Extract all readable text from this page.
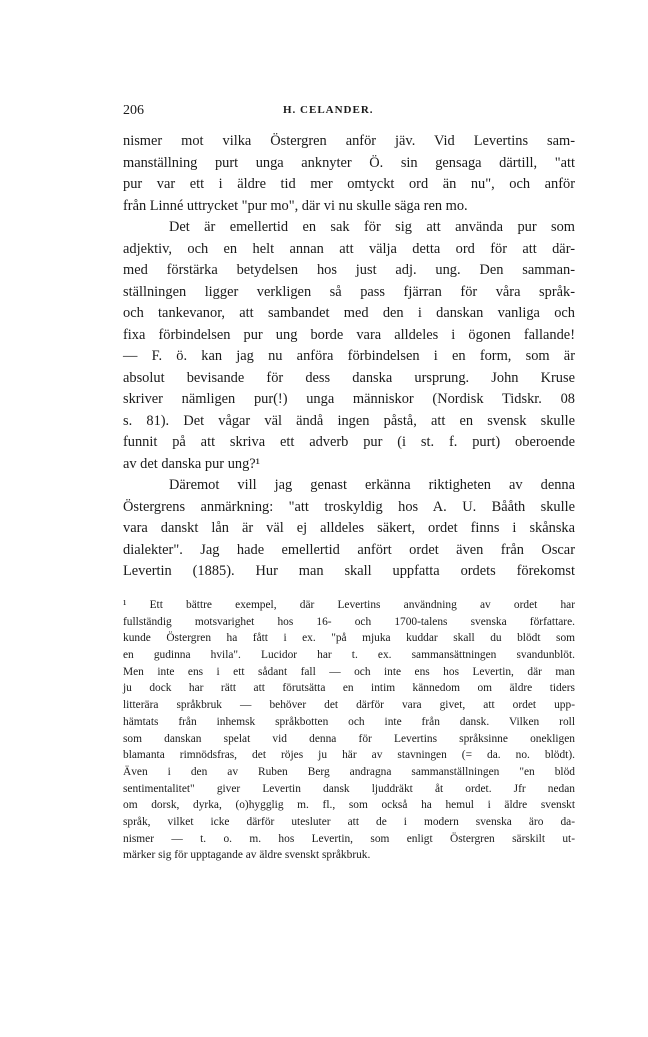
206	H. CELANDER.
nismer mot vilka Östergren anför jäv. Vid Levertins sam-
manställning purt unga anknyter Ö. sin gensaga därtill, "att
pur var ett i äldre tid mer omtyckt ord än nu", och anför
från Linné uttrycket "pur mo", där vi nu skulle säga ren mo.
Det är emellertid en sak för sig att använda pur som
adjektiv, och en helt annan att välja detta ord för att där-
med förstärka betydelsen hos just adj. ung. Den samman-
ställningen ligger verkligen så pass fjärran för våra språk-
och tankevanor, att sambandet med den i danskan vanliga och
fixa förbindelsen pur ung borde vara alldeles i ögonen fallande!
— F. ö. kan jag nu anföra förbindelsen i en form, som är
absolut bevisande för dess danska ursprung. John Kruse
skriver nämligen pur(!) unga människor (Nordisk Tidskr. 08
s. 81). Det vågar väl ändå ingen påstå, att en svensk skulle
funnit på att skriva ett adverb pur (i st. f. purt) oberoende
av det danska pur ung?¹
Däremot vill jag genast erkänna riktigheten av denna
Östergrens anmärkning: "att troskyldig hos A. U. Bååth skulle
vara danskt lån är väl ej alldeles säkert, ordet finns i skånska
dialekter". Jag hade emellertid anfört ordet även från Oscar
Levertin (1885). Hur man skall uppfatta ordets förekomst
¹ Ett bättre exempel, där Levertins användning av ordet har
fullständig motsvarighet hos 16- och 1700-talens svenska författare.
kunde Östergren ha fått i ex. "på mjuka kuddar skall du blödt som
en gudinna hvila". Lucidor har t. ex. sammansättningen svandunblöt.
Men inte ens i ett sådant fall — och inte ens hos Levertin, där man
ju dock har rätt att förutsätta en intim kännedom om äldre tiders
litterära språkbruk — behöver det därför vara givet, att ordet upp-
hämtats från inhemsk språkbotten och inte från dansk. Vilken roll
som danskan spelat vid denna för Levertins språksinne onekligen
blamanta rimnödsfras, det röjes ju här av stavningen (= da. no. blödt).
Även i den av Ruben Berg andragna sammanställningen "en blöd
sentimentalitet" giver Levertin dansk ljuddräkt åt ordet. Jfr nedan
om dorsk, dyrka, (o)hygglig m. fl., som också ha hemul i äldre svenskt
språk, vilket icke därför utesluter att de i modern svenska äro da-
nismer — t. o. m. hos Levertin, som enligt Östergren särskilt ut-
märker sig för upptagande av äldre svenskt språkbruk.
